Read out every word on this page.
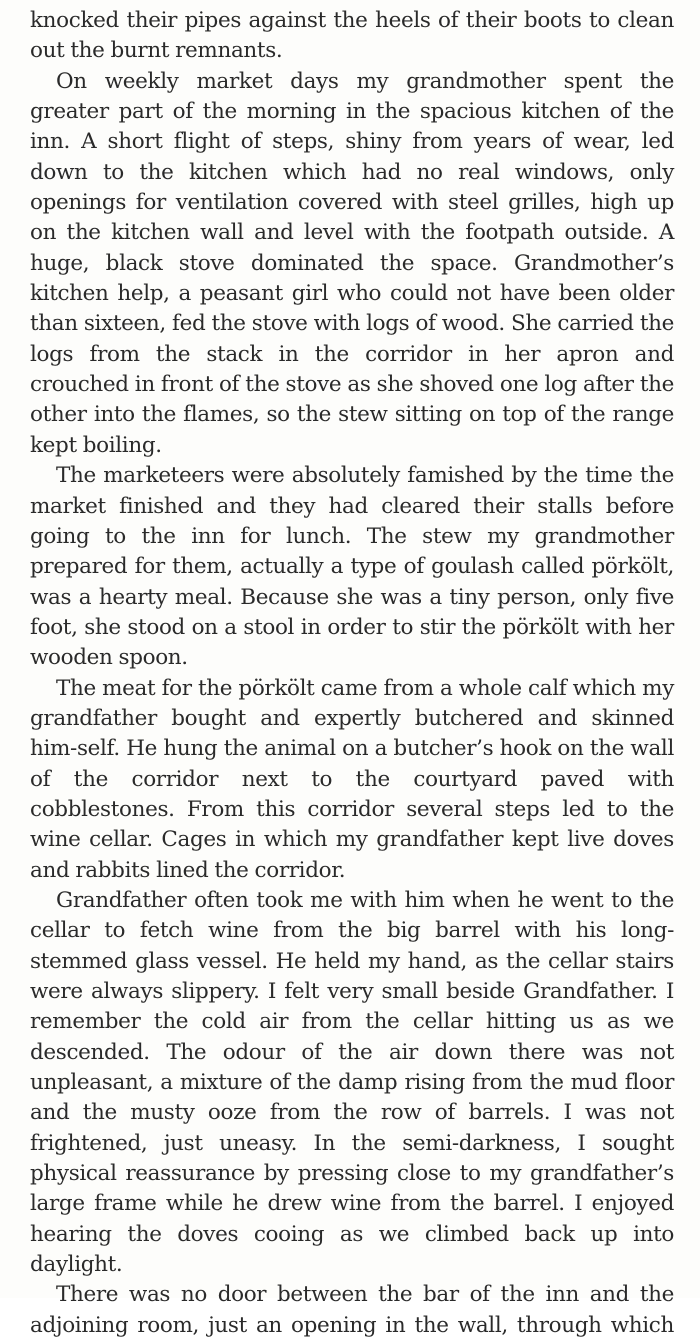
knocked their pipes against the heels of their boots to clean out the burnt remnants.

On weekly market days my grandmother spent the greater part of the morning in the spacious kitchen of the inn. A short flight of steps, shiny from years of wear, led down to the kitchen which had no real windows, only openings for ventilation covered with steel grilles, high up on the kitchen wall and level with the footpath outside. A huge, black stove dominated the space. Grandmother’s kitchen help, a peasant girl who could not have been older than sixteen, fed the stove with logs of wood. She carried the logs from the stack in the corridor in her apron and crouched in front of the stove as she shoved one log after the other into the flames, so the stew sitting on top of the range kept boiling.

The marketeers were absolutely famished by the time the market finished and they had cleared their stalls before going to the inn for lunch. The stew my grandmother prepared for them, actually a type of goulash called pörkölt, was a hearty meal. Because she was a tiny person, only five foot, she stood on a stool in order to stir the pörkölt with her wooden spoon.

The meat for the pörkölt came from a whole calf which my grandfather bought and expertly butchered and skinned him-self. He hung the animal on a butcher’s hook on the wall of the corridor next to the courtyard paved with cobblestones. From this corridor several steps led to the wine cellar. Cages in which my grandfather kept live doves and rabbits lined the corridor.

Grandfather often took me with him when he went to the cellar to fetch wine from the big barrel with his long-stemmed glass vessel. He held my hand, as the cellar stairs were always slippery. I felt very small beside Grandfather. I remember the cold air from the cellar hitting us as we descended. The odour of the air down there was not unpleasant, a mixture of the damp rising from the mud floor and the musty ooze from the row of barrels. I was not frightened, just uneasy. In the semi-darkness, I sought physical reassurance by pressing close to my grandfather’s large frame while he drew wine from the barrel. I enjoyed hearing the doves cooing as we climbed back up into daylight.

There was no door between the bar of the inn and the adjoining room, just an opening in the wall, through which
